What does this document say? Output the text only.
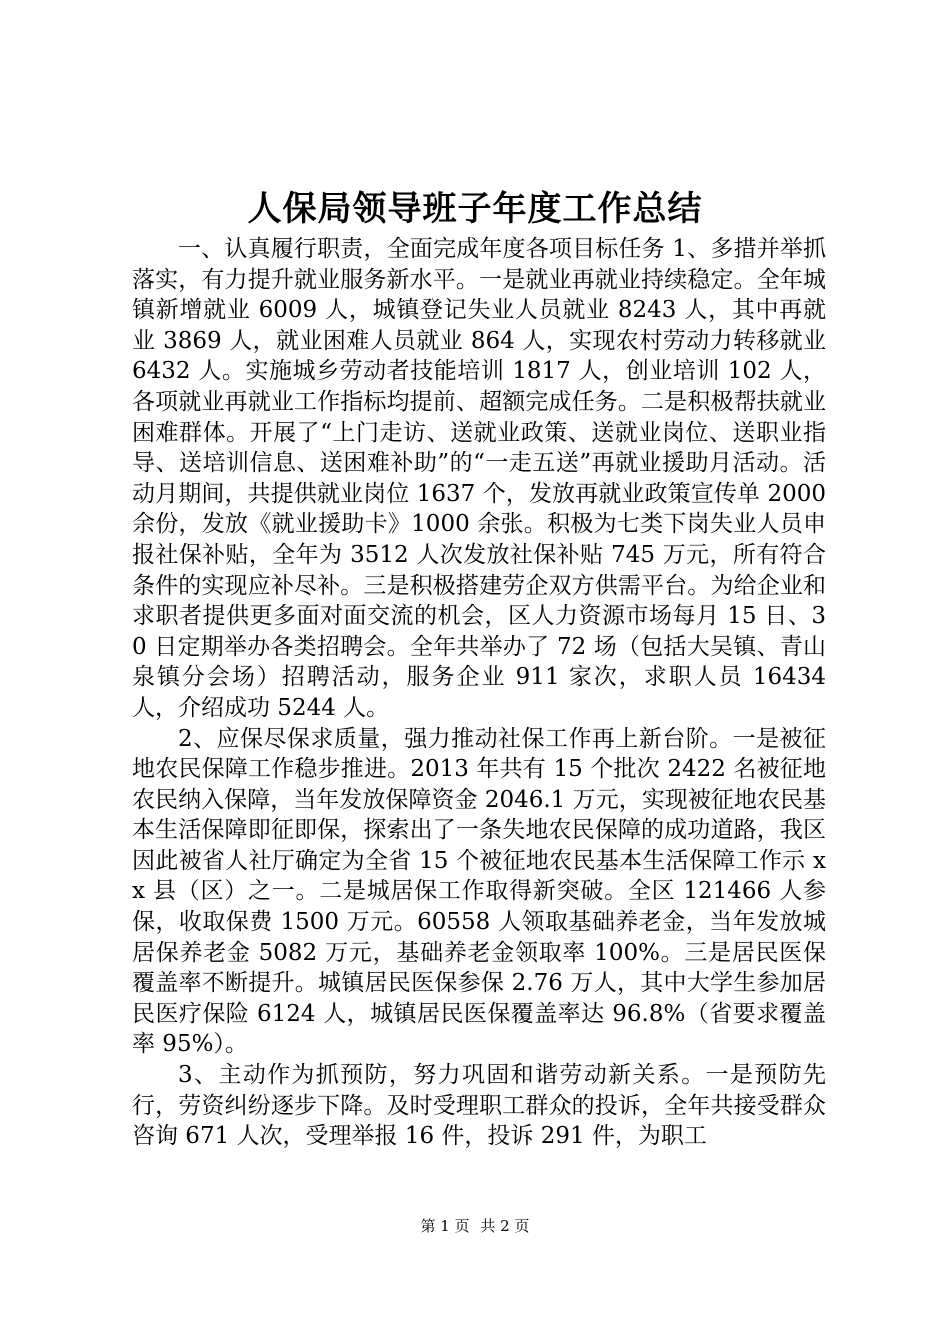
人保局领导班子年度工作总结

一、认真履行职责，全面完成年度各项目标任务 1、多措并举抓落实，有力提升就业服务新水平。一是就业再就业持续稳定。全年城镇新增就业 6009 人，城镇登记失业人员就业 8243 人，其中再就业 3869 人，就业困难人员就业 864 人，实现农村劳动力转移就业 6432 人。实施城乡劳动者技能培训 1817 人，创业培训 102 人，各项就业再就业工作指标均提前、超额完成任务。二是积极帮扶就业困难群体。开展了“上门走访、送就业政策、送就业岗位、送职业指导、送培训信息、送困难补助”的“一走五送”再就业援助月活动。活动月期间，共提供就业岗位 1637 个，发放再就业政策宣传单 2000 余份，发放《就业援助卡》1000 余张。积极为七类下岗失业人员申报社保补贴，全年为 3512 人次发放社保补贴 745 万元，所有符合条件的实现应补尽补。三是积极搭建劳企双方供需平台。为给企业和求职者提供更多面对面交流的机会，区人力资源市场每月 15 日、30 日定期举办各类招聘会。全年共举办了 72 场（包括大吴镇、青山泉镇分会场）招聘活动，服务企业 911 家次，求职人员 16434 人，介绍成功 5244 人。

2、应保尽保求质量，强力推动社保工作再上新台阶。一是被征地农民保障工作稳步推进。2013 年共有 15 个批次 2422 名被征地农民纳入保障，当年发放保障资金 2046.1 万元，实现被征地农民基本生活保障即征即保，探索出了一条失地农民保障的成功道路，我区因此被省人社厅确定为全省 15 个被征地农民基本生活保障工作示 xx 县（区）之一。二是城居保工作取得新突破。全区 121466 人参保，收取保费 1500 万元。60558 人领取基础养老金，当年发放城居保养老金 5082 万元，基础养老金领取率 100%。三是居民医保覆盖率不断提升。城镇居民医保参保 2.76 万人，其中大学生参加居民医疗保险 6124 人，城镇居民医保覆盖率达 96.8%（省要求覆盖率 95%）。

3、主动作为抓预防，努力巩固和谐劳动新关系。一是预防先行，劳资纠纷逐步下降。及时受理职工群众的投诉，全年共接受群众咨询 671 人次，受理举报 16 件，投诉 291 件，为职工

第 1 页 共 2 页
